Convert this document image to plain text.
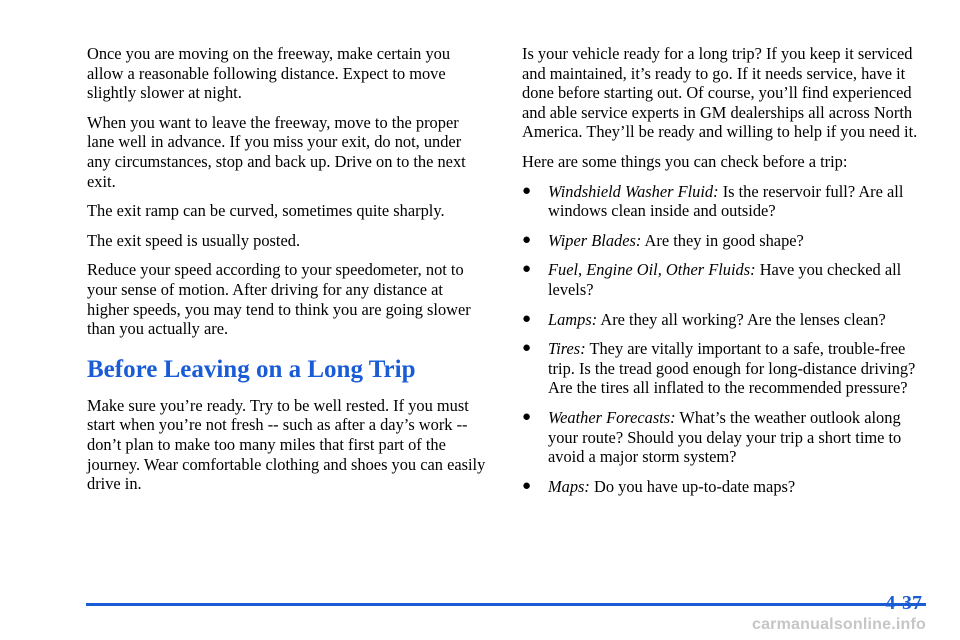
Once you are moving on the freeway, make certain you allow a reasonable following distance. Expect to move slightly slower at night.

When you want to leave the freeway, move to the proper lane well in advance. If you miss your exit, do not, under any circumstances, stop and back up. Drive on to the next exit.

The exit ramp can be curved, sometimes quite sharply.

The exit speed is usually posted.

Reduce your speed according to your speedometer, not to your sense of motion. After driving for any distance at higher speeds, you may tend to think you are going slower than you actually are.

Before Leaving on a Long Trip

Make sure you’re ready. Try to be well rested. If you must start when you’re not fresh -- such as after a day’s work -- don’t plan to make too many miles that first part of the journey. Wear comfortable clothing and shoes you can easily drive in.

Is your vehicle ready for a long trip? If you keep it serviced and maintained, it’s ready to go. If it needs service, have it done before starting out. Of course, you’ll find experienced and able service experts in GM dealerships all across North America. They’ll be ready and willing to help if you need it.

Here are some things you can check before a trip:

● Windshield Washer Fluid: Is the reservoir full? Are all windows clean inside and outside?
● Wiper Blades: Are they in good shape?
● Fuel, Engine Oil, Other Fluids: Have you checked all levels?
● Lamps: Are they all working? Are the lenses clean?
● Tires: They are vitally important to a safe, trouble-free trip. Is the tread good enough for long-distance driving? Are the tires all inflated to the recommended pressure?
● Weather Forecasts: What’s the weather outlook along your route? Should you delay your trip a short time to avoid a major storm system?
● Maps: Do you have up-to-date maps?
4-37
carmanualsonline.info
